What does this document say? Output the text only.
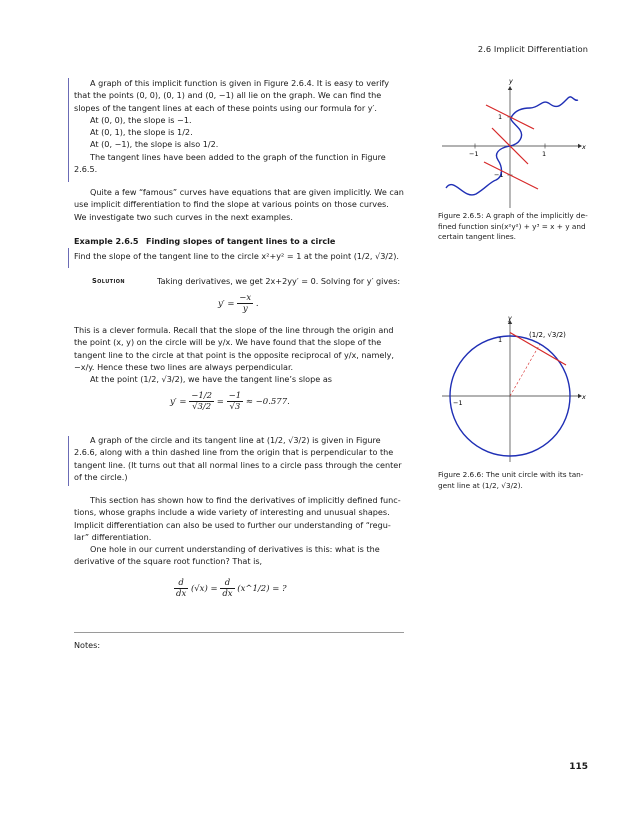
2.6 Implicit Differentiation
A graph of this implicit function is given in Figure 2.6.4. It is easy to verify
that the points (0, 0), (0, 1) and (0, −1) all lie on the graph. We can find the
slopes of the tangent lines at each of these points using our formula for y′.
At (0, 0), the slope is −1.
At (0, 1), the slope is 1/2.
At (0, −1), the slope is also 1/2.
The tangent lines have been added to the graph of the function in Figure
2.6.5.
Quite a few “famous” curves have equations that are given implicitly. We can
use implicit differentiation to find the slope at various points on those curves.
We investigate two such curves in the next examples.
Example 2.6.5 Finding slopes of tangent lines to a circle
Find the slope of the tangent line to the circle x²+y² = 1 at the point (1/2, √3/2).
Solution	Taking derivatives, we get 2x+2yy′ = 0. Solving for y′ gives:
$y' = \frac{-x}{y}$ .
This is a clever formula. Recall that the slope of the line through the origin and
the point (x, y) on the circle will be y/x. We have found that the slope of the
tangent line to the circle at that point is the opposite reciprocal of y/x, namely,
−x/y. Hence these two lines are always perpendicular.
At the point (1/2, √3/2), we have the tangent line’s slope as
$y' = \frac{-1/2}{√3/2} = \frac{-1}{√3} \approx -0.577$.
A graph of the circle and its tangent line at (1/2, √3/2) is given in Figure
2.6.6, along with a thin dashed line from the origin that is perpendicular to the
tangent line. (It turns out that all normal lines to a circle pass through the center
of the circle.)
This section has shown how to find the derivatives of implicitly defined func-
tions, whose graphs include a wide variety of interesting and unusual shapes.
Implicit differentiation can also be used to further our understanding of “regu-
lar” differentiation.
One hole in our current understanding of derivatives is this: what is the
derivative of the square root function? That is,
$\frac{d}{dx} (√x) = \frac{d}{dx}$ (x^1/2) = ?
Notes:
x
y
−1	1
1
−1
Figure 2.6.5: A graph of the implicitly de-
fined function sin(x²y²) + y³ = x + y and
certain tangent lines.
x
y
−1
1
(1/2, √3/2)
Figure 2.6.6: The unit circle with its tan-
gent line at (1/2, √3/2).
115
